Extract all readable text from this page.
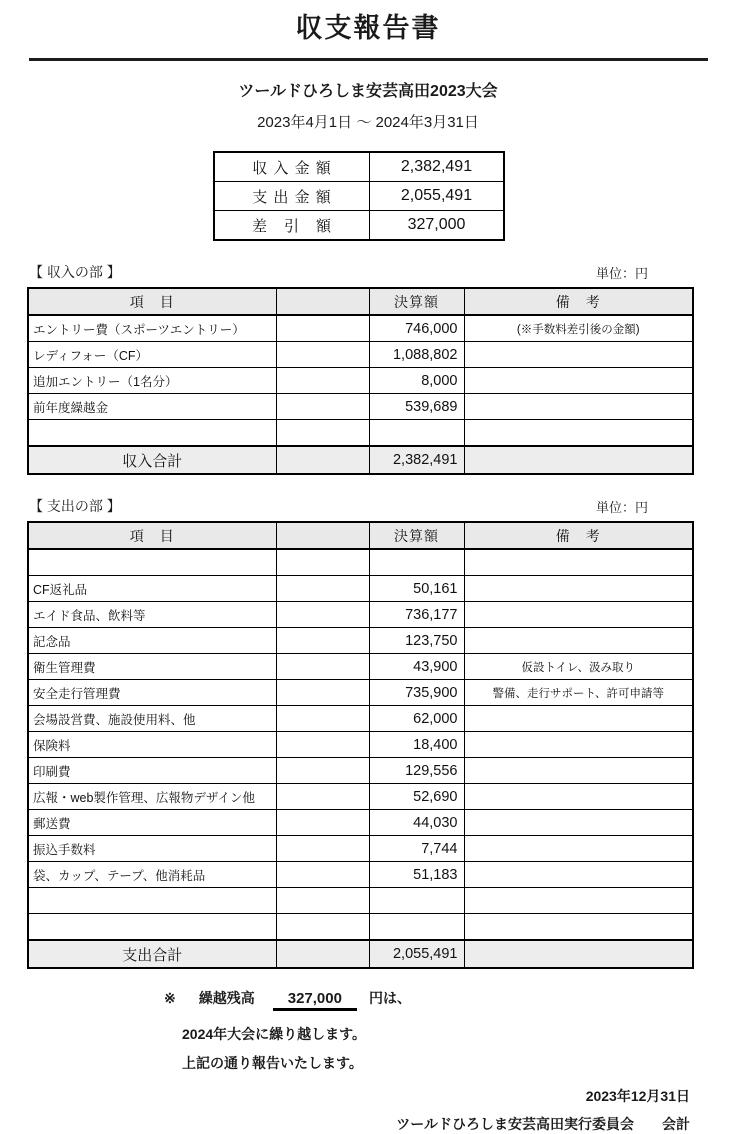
収支報告書
ツールドひろしま安芸高田2023大会
2023年4月1日 ～ 2024年3月31日
収 入 金 額	2,382,491
支 出 金 額	2,055,491
差　引　額	327,000
【 収入の部 】	単位：円
項　目		決算額	備　考
エントリー費（スポーツエントリー）		746,000	(※手数料差引後の金額)
レディフォー（CF）		1,088,802	
追加エントリー（1名分）		8,000	
前年度繰越金		539,689	

収入合計		2,382,491	
【 支出の部 】	単位：円
項　目		決算額	備　考

CF返礼品		50,161	
エイド食品、飲料等		736,177	
記念品		123,750	
衛生管理費		43,900	仮設トイレ、汲み取り
安全走行管理費		735,900	警備、走行サポート、許可申請等
会場設営費、施設使用料、他		62,000	
保険料		18,400	
印刷費		129,556	
広報・web製作管理、広報物デザイン他		52,690	
郵送費		44,030	
振込手数料		7,744	
袋、カップ、テープ、他消耗品		51,183	

支出合計		2,055,491	
※ 繰越残高	327,000	円は、
2024年大会に繰り越します。
上記の通り報告いたします。
2023年12月31日
ツールドひろしま安芸高田実行委員会　　会計
